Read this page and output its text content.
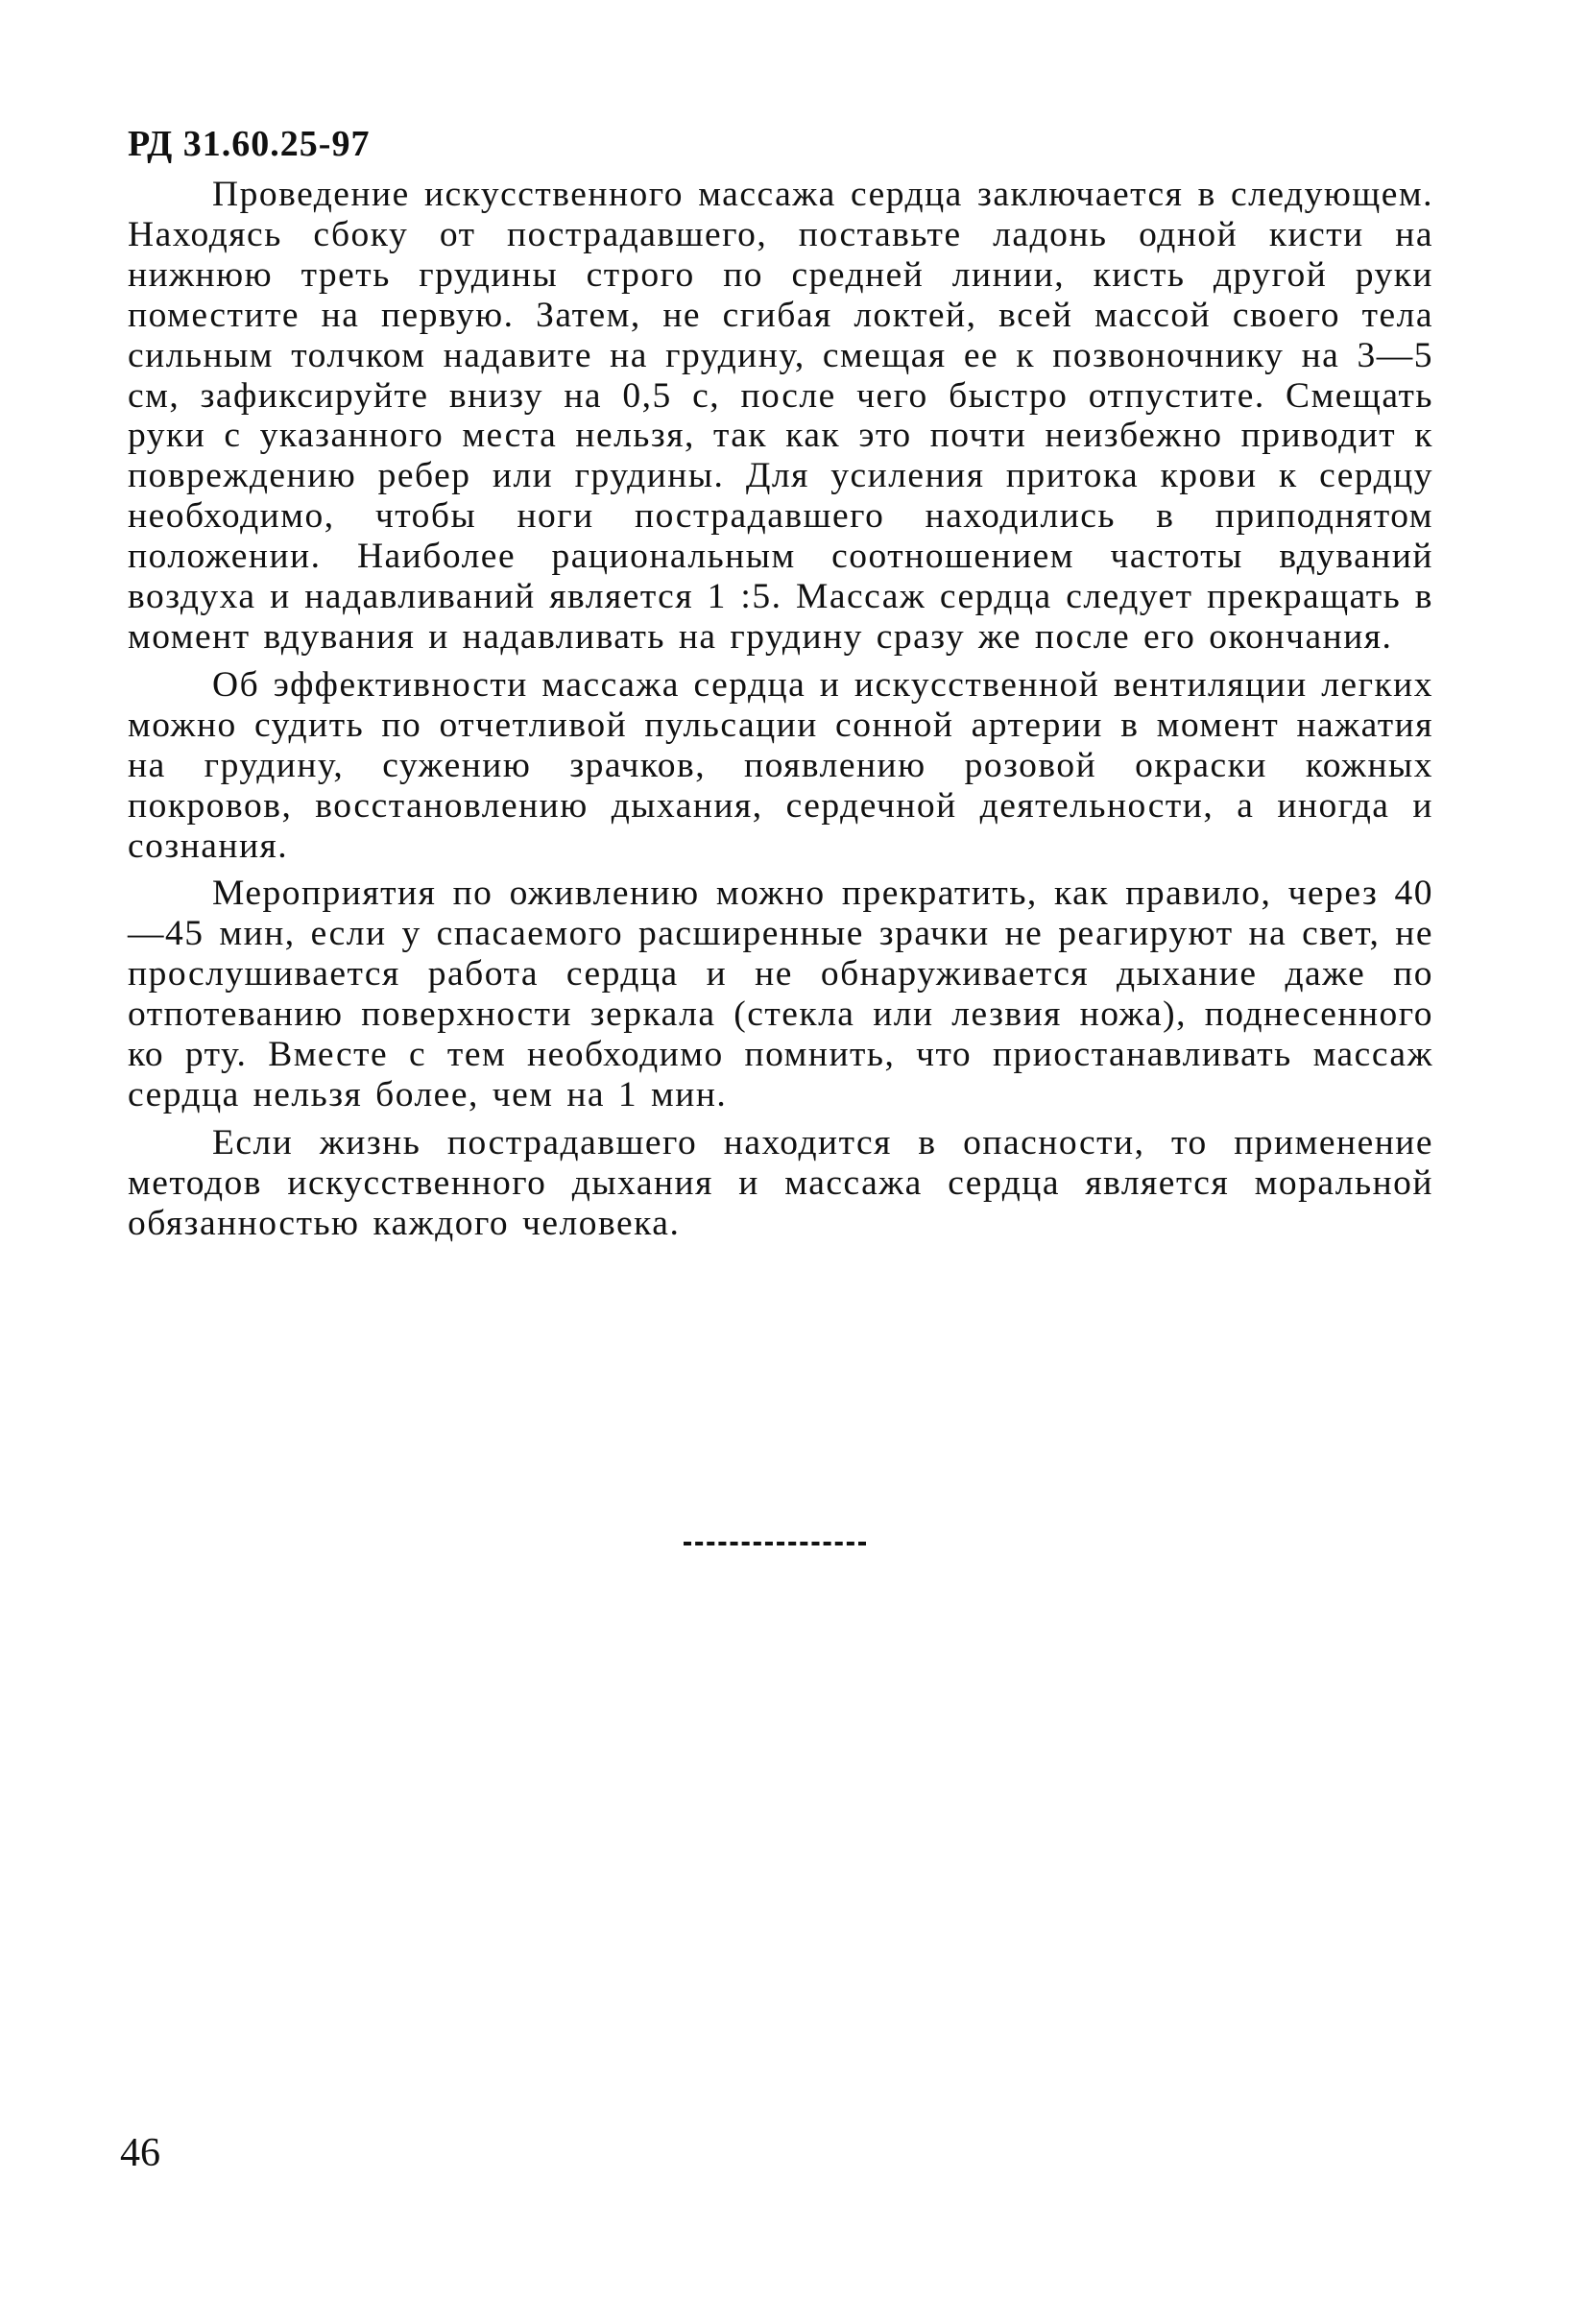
РД 31.60.25-97

Проведение искусственного массажа сердца заключается в следующем. Находясь сбоку от пострадавшего, поставьте ладонь одной кисти на нижнюю треть грудины строго по средней линии, кисть другой руки поместите на первую. Затем, не сгибая локтей, всей массой своего тела сильным толчком надавите на грудину, смещая ее к позвоночнику на 3—5 см, зафиксируйте внизу на 0,5 с, после чего быстро отпустите. Смещать руки с указанного места нельзя, так как это почти неизбежно приводит к повреждению ребер или грудины. Для усиления притока крови к сердцу необходимо, чтобы ноги пострадавшего находились в приподнятом положении. Наиболее рациональным соотношением частоты вдуваний воздуха и надавливаний является 1 :5. Массаж сердца следует прекращать в момент вдувания и надавливать на грудину сразу же после его окончания.

Об эффективности массажа сердца и искусственной вентиляции легких можно судить по отчетливой пульсации сонной артерии в момент нажатия на грудину, сужению зрачков, появлению розовой окраски кожных покровов, восстановлению дыхания, сердечной деятельности, а иногда и сознания.

Мероприятия по оживлению можно прекратить, как правило, через 40—45 мин, если у спасаемого расширенные зрачки не реагируют на свет, не прослушивается работа сердца и не обнаруживается дыхание даже по отпотеванию поверхности зеркала (стекла или лезвия ножа), поднесенного ко рту. Вместе с тем необходимо помнить, что приостанавливать массаж сердца нельзя более, чем на 1 мин.

Если жизнь пострадавшего находится в опасности, то применение методов искусственного дыхания и массажа сердца является моральной обязанностью каждого человека.

46
